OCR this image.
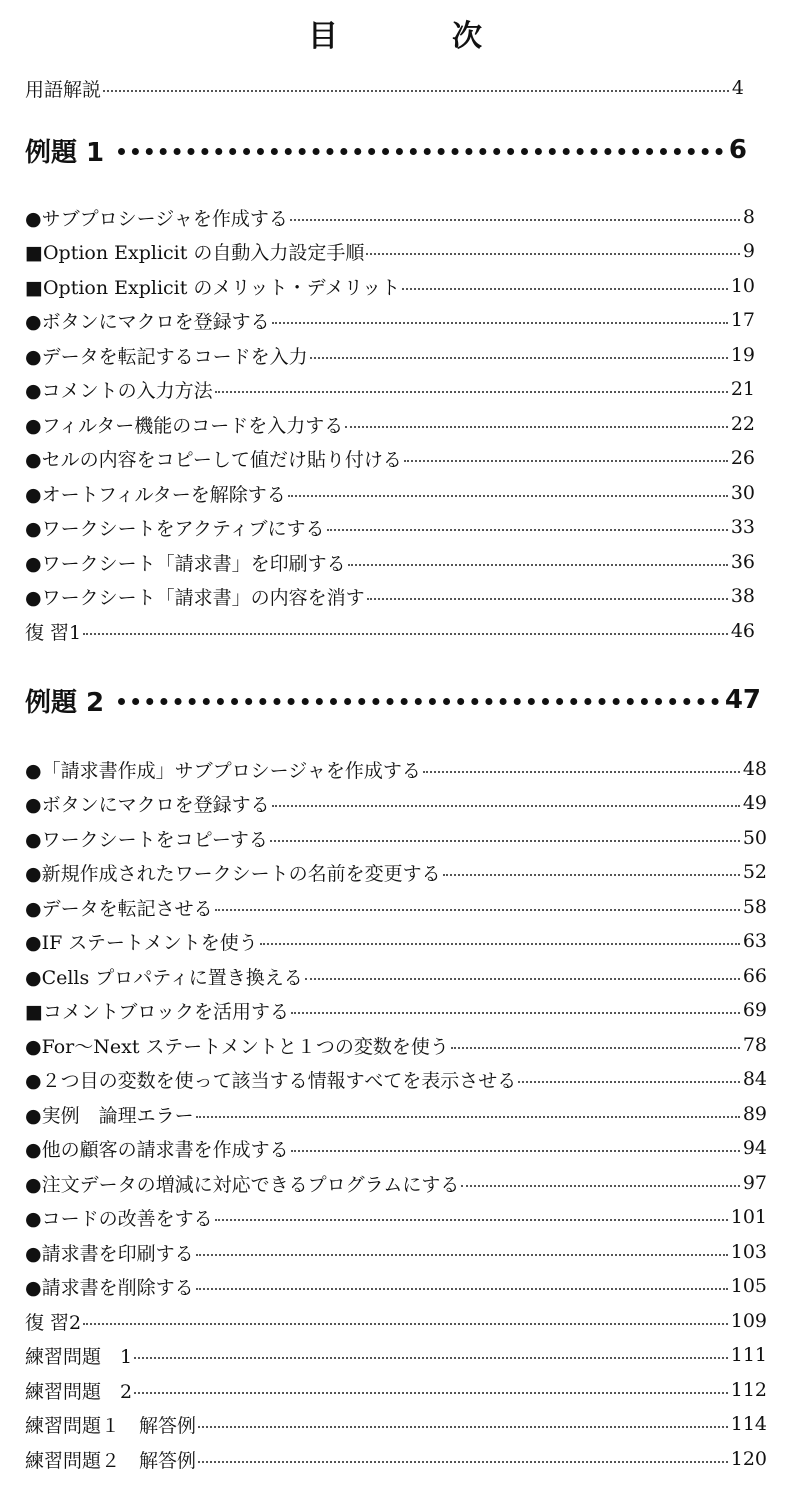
目　次
用語解説	4
例題 1	6
●サブプロシージャを作成する	8
■Option Explicit の自動入力設定手順	9
■Option Explicit のメリット・デメリット	10
●ボタンにマクロを登録する	17
●データを転記するコードを入力	19
●コメントの入力方法	21
●フィルター機能のコードを入力する	22
●セルの内容をコピーして値だけ貼り付ける	26
●オートフィルターを解除する	30
●ワークシートをアクティブにする	33
●ワークシート「請求書」を印刷する	36
●ワークシート「請求書」の内容を消す	38
復 習1	46
例題 2	47
●「請求書作成」サブプロシージャを作成する	48
●ボタンにマクロを登録する	49
●ワークシートをコピーする	50
●新規作成されたワークシートの名前を変更する	52
●データを転記させる	58
●IF ステートメントを使う	63
●Cells プロパティに置き換える	66
■コメントブロックを活用する	69
●For～Next ステートメントと１つの変数を使う	78
●２つ目の変数を使って該当する情報すべてを表示させる	84
●実例　論理エラー	89
●他の顧客の請求書を作成する	94
●注文データの増減に対応できるプログラムにする	97
●コードの改善をする	101
●請求書を印刷する	103
●請求書を削除する	105
復 習2	109
練習問題　1	111
練習問題　2	112
練習問題１　解答例	114
練習問題２　解答例	120
